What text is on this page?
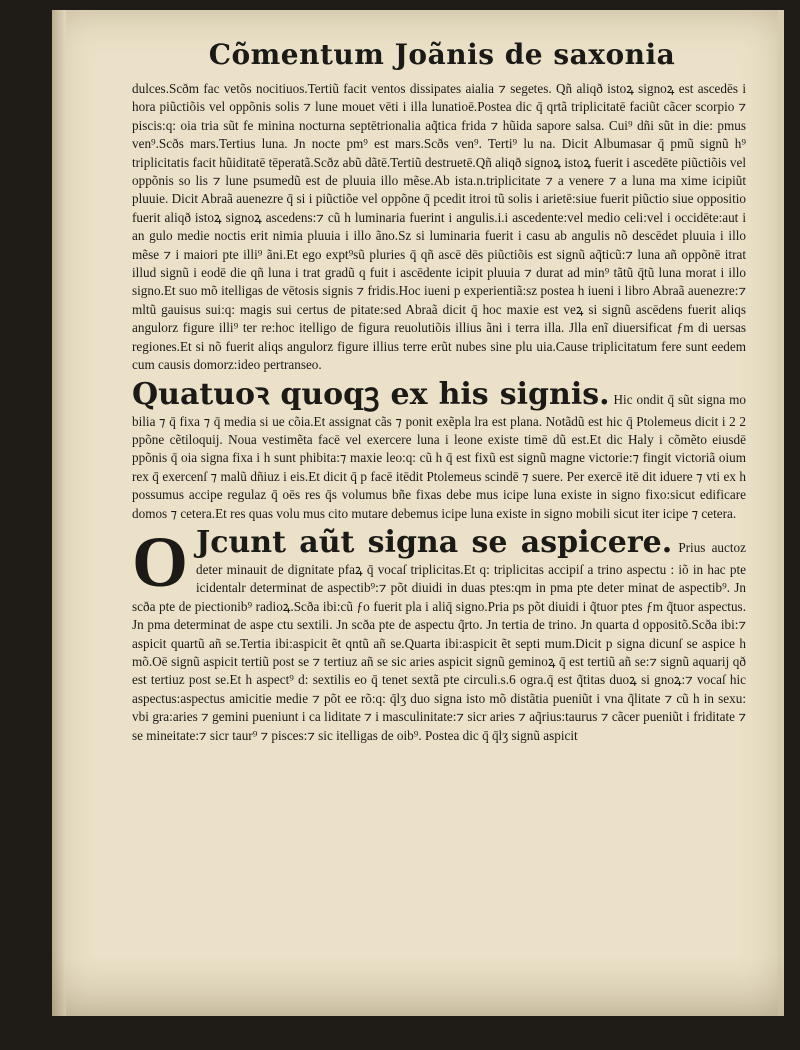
Cõmentum Joãnis de saxonia

dulces.Scðm fac vetõs nocitiuos.Tertiũ facit ventos dissipates aialia ⁊ segetes. Qñ aliqð istoꝝ signoꝝ est ascedēs i hora piũctiõis vel oppõnis solis ⁊ lune mouet vēti i illa lunatioē.Postea dic q̄ qrtã triplicitatē faciũt cãcer scorpio ⁊ piscis:q: oia tria sũt fe minina nocturna septētrionalia aq̃tica frida ⁊ hũida sapore salsa. Cui⁹ dñi sũt in die: pmus ven⁹.Scðs mars.Tertius luna. Jn nocte pm⁹ est mars.Scðs ven⁹. Terti⁹ lu na. Dicit Albumasar q̄ pmũ signũ h⁹ triplicitatis facit hũiditatē tēperatã.Scðz abũ dãtē.Tertiũ destruetē.Qñ aliqð signoꝝ istoꝝ fuerit i ascedēte piũctiõis vel oppõnis so lis ⁊ lune psumedũ est de pluuia illo mẽse.Ab ista.n.triplicitate ⁊ a venere ⁊ a luna ma xime icipiũt pluuie. Dicit Abraã auenezre q̄ si i piũctiõe vel oppõne q̄ pcedit itroi tũ solis i arietē:siue fuerit piũctio siue oppositio fuerit aliqð istoꝝ signoꝝ ascedens:⁊ cũ h luminaria fuerint i angulis.i.i ascedente:vel medio celi:vel i occidēte:aut i an gulo medie noctis erit nimia pluuia i illo ãno.Sz si luminaria fuerit i casu ab angulis nõ descēdet pluuia i illo mẽse ⁊ i maiori pte illi⁹ ãni.Et ego expt⁹sũ pluries q̄ qñ ascē dēs piũctiõis est signũ aq̃ticũ:⁊ luna añ oppõnē itrat illud signũ i eodē die qñ luna i trat gradũ q fuit i ascēdente icipit pluuia ⁊ durat ad min⁹ tãtũ q̄tũ luna morat i illo signo.Et suo mõ itelligas de vētosis signis ⁊ fridis.Hoc iueni p experientiã:sz postea h iueni i libro Abraã auenezre:⁊ mltũ gauisus sui:q: magis sui certus de pitate:sed Abraã dicit q̄ hoc maxie est veꝝ si signũ ascēdens fuerit aliqs angulorz figure illi⁹ ter re:hoc itelligo de figura reuolutiõis illius ãni i terra illa. Jlla enĩ diuersificat ƒm di uersas regiones.Et si nõ fuerit aliqs angulorz figure illius terre erũt nubes sine plu uia.Cause triplicitatum fere sunt eedem cum causis domorz:ideo pertranseo.

Quatuoꝛ quoqꝫ ex his signis. Hic ondit q̄ sũt signa mo bilia ⁊ q̄ fixa ⁊ q̄ media si ue cõia.Et assignat cãs ⁊ ponit exẽpla lra est plana. Notãdũ est hic q̄ Ptolemeus dicit i 2 2 ppõne cẽtiloquij. Noua vestimẽta facē vel exercere luna i leone existe timē dũ est.Et dic Haly i cõmẽto eiusdē ppõnis q̄ oia signa fixa i h sunt phibita:⁊ maxie leo:q: cũ h q̄ est fixũ est signũ magne victorie:⁊ fingit victoriã oium rex q̄ exercenſ ⁊ malũ dñiuz i eis.Et dicit q̄ p facē itēdit Ptolemeus scindē ⁊ suere. Per exercē itē dit iduere ⁊ vti ex h possumus accipe regulaz q̄ oēs res q̄s volumus bñe fixas debe mus icipe luna existe in signo fixo:sicut edificare domos ⁊ cetera.Et res quas volu mus cito mutare debemus icipe luna existe in signo mobili sicut iter icipe ⁊ cetera.

O Jcunt aũt signa se aspicere. Prius auctoz deter minauit de dignitate pfaꝝ q̄ vocaſ triplicitas.Et q: triplicitas accipiſ a trino aspectu : iõ in hac pte icidentalr determinat de aspectib⁹:⁊ põt diuidi in duas ptes:qm in pma pte deter minat de aspectib⁹. Jn scða pte de piectionib⁹ radioꝝ.Scða ibi:cũ ƒo fuerit pla i aliq̄ signo.Pria ps põt diuidi i q̃tuor ptes ƒm q̃tuor aspectus. Jn pma determinat de aspe ctu sextili. Jn scða pte de aspectu q̃rto. Jn tertia de trino. Jn quarta d oppositõ.Scða ibi:⁊ aspicit quartũ añ se.Tertia ibi:aspicit ẽt qntũ añ se.Quarta ibi:aspicit ẽt septi mum.Dicit p signa dicunſ se aspice h mõ.Oē signũ aspicit tertiũ post se ⁊ tertiuz añ se sic aries aspicit signũ geminoꝝ q̄ est tertiũ añ se:⁊ signũ aquarij qð est tertiuz post se.Et h aspect⁹ d: sextilis eo q̄ tenet sextã pte circuli.s.6 ogra.q̄ est q̃titas duoꝝ si gnoꝝ:⁊ vocaſ hic aspectus:aspectus amicitie medie ⁊ põt ee rõ:q: q̄lʒ duo signa isto mõ distãtia pueniũt i vna q̃litate ⁊ cũ h in sexu: vbi gra:aries ⁊ gemini pueniunt i ca liditate ⁊ i masculinitate:⁊ sicr aries ⁊ aq̃rius:taurus ⁊ cãcer pueniũt i friditate ⁊ se mineitate:⁊ sicr taur⁹ ⁊ pisces:⁊ sic itelligas de oib⁹. Postea dic q̄ q̄lʒ signũ aspicit
